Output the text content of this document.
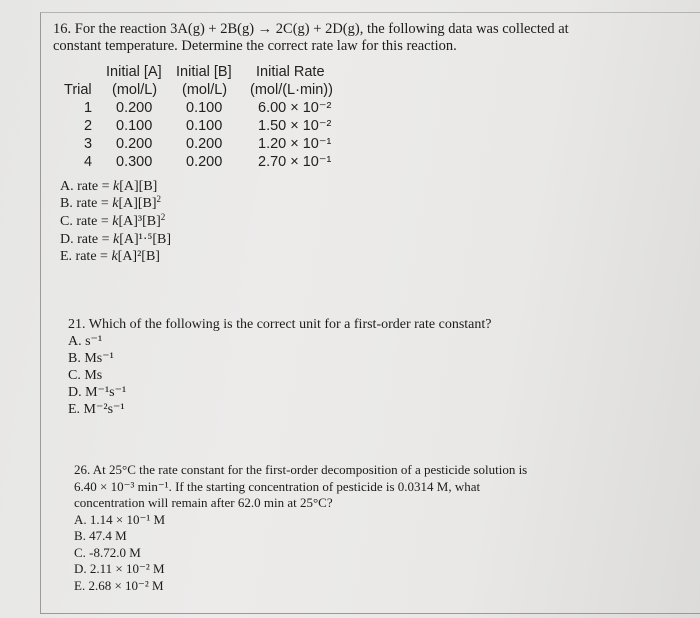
16. For the reaction 3A(g) + 2B(g) → 2C(g) + 2D(g), the following data was collected at
constant temperature. Determine the correct rate law for this reaction.
Initial [A] Initial [B] Initial Rate
Trial (mol/L) (mol/L) (mol/(L·min))
1 0.200 0.100 6.00 × 10⁻²
2 0.100 0.100 1.50 × 10⁻²
3 0.200 0.200 1.20 × 10⁻¹
4 0.300 0.200 2.70 × 10⁻¹
A. rate = k[A][B]
B. rate = $k[A][B]^2$
C. rate = $k[A]^3[B]^2$
D. rate = k[A]¹·⁵[B]
E. rate = k[A]²[B]
21. Which of the following is the correct unit for a first-order rate constant?
A. s⁻¹
B. Ms⁻¹
C. Ms
D. M⁻¹s⁻¹
E. M⁻²s⁻¹
26. At 25°C the rate constant for the first-order decomposition of a pesticide solution is
6.40 × 10⁻³ min⁻¹. If the starting concentration of pesticide is 0.0314 M, what
concentration will remain after 62.0 min at 25°C?
A. 1.14 × 10⁻¹ M
B. 47.4 M
C. -8.72.0 M
D. 2.11 × 10⁻² M
E. 2.68 × 10⁻² M
